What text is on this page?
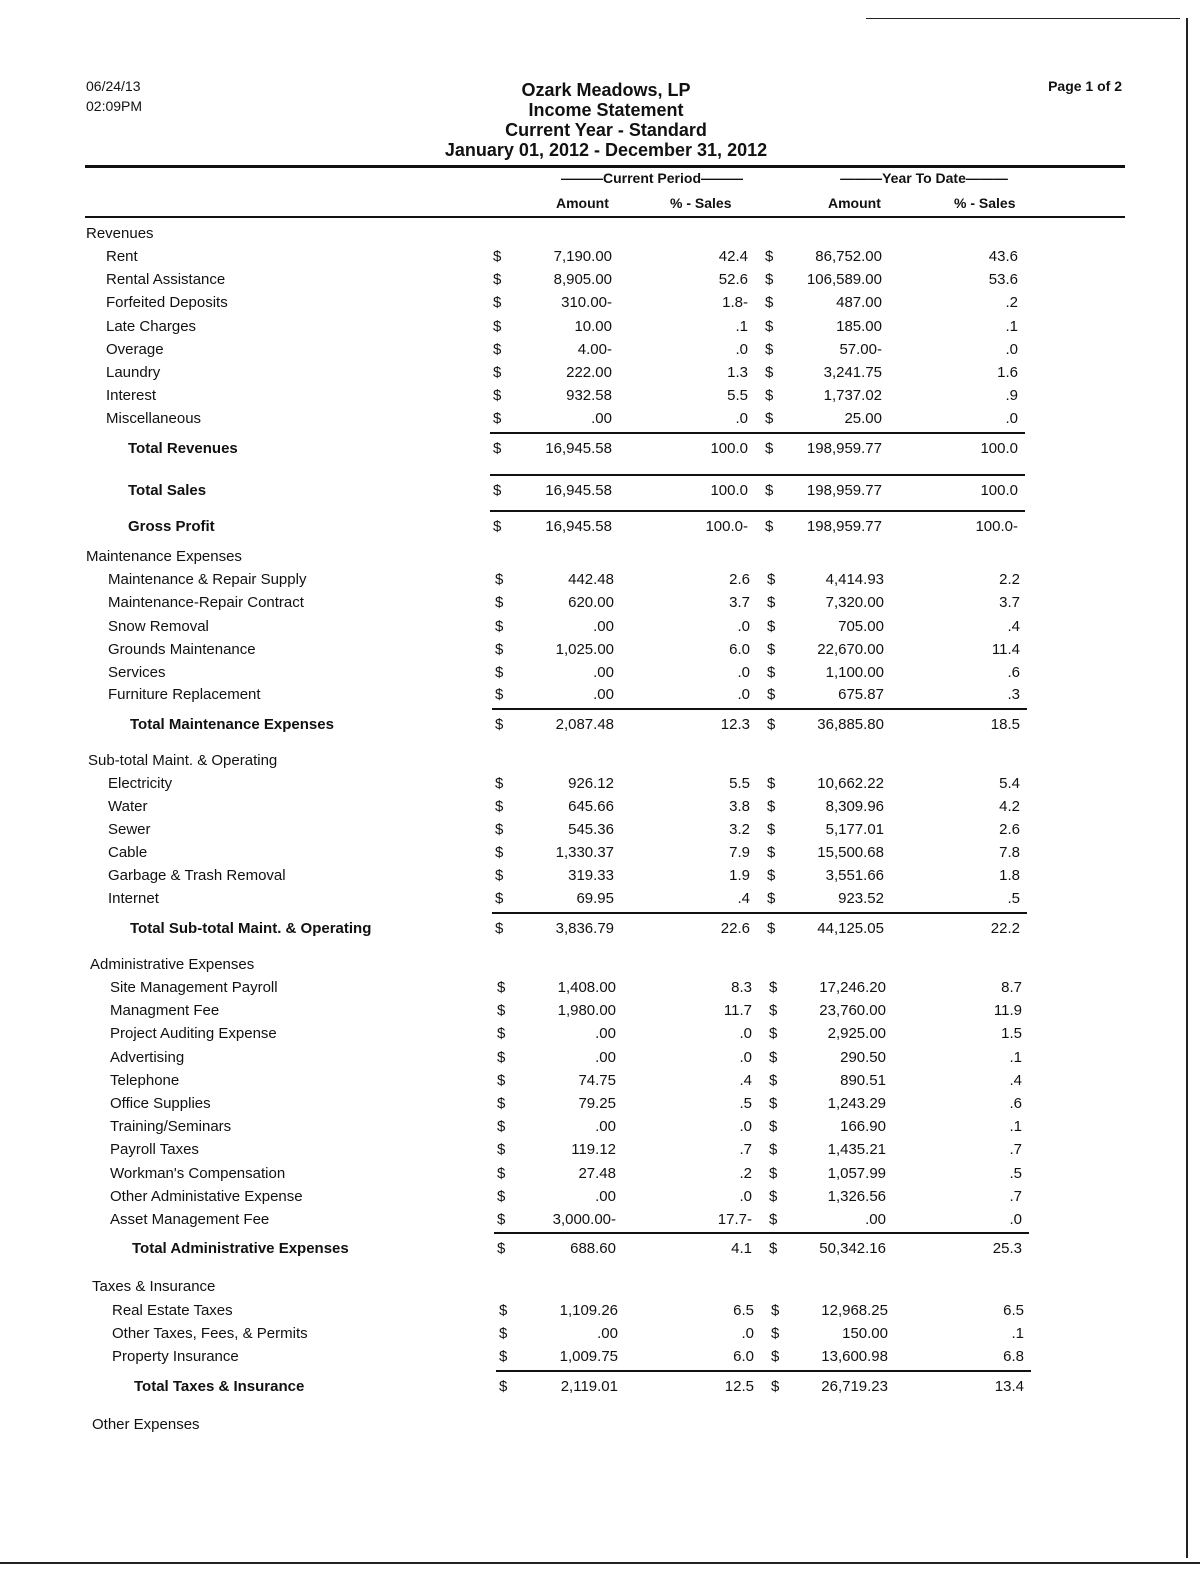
06/24/13
02:09PM
Ozark Meadows, LP
Income Statement
Current Year - Standard
January 01, 2012 - December 31, 2012
Page 1 of 2
———Current Period———	———Year To Date———
Amount	% - Sales	Amount	% - Sales
Revenues
Rent	$	7,190.00	42.4 $	86,752.00	43.6
Rental Assistance	$	8,905.00	52.6 $ 106,589.00	53.6
Forfeited Deposits	$	310.00-	1.8- $	487.00	.2
Late Charges	$	10.00	.1 $	185.00	.1
Overage	$	4.00-	.0 $	57.00-	.0
Laundry	$	222.00	1.3 $	3,241.75	1.6
Interest	$	932.58	5.5 $	1,737.02	.9
Miscellaneous	$	.00	.0 $	25.00	.0
Total Revenues	$	16,945.58	100.0 $ 198,959.77	100.0
Total Sales	$	16,945.58	100.0 $ 198,959.77	100.0
Gross Profit	$	16,945.58	100.0- $ 198,959.77	100.0-
Maintenance Expenses
Maintenance & Repair Supply	$	442.48	2.6 $	4,414.93	2.2
Maintenance-Repair Contract	$	620.00	3.7 $	7,320.00	3.7
Snow Removal	$	.00	.0 $	705.00	.4
Grounds Maintenance	$	1,025.00	6.0 $	22,670.00	11.4
Services	$	.00	.0 $	1,100.00	.6
Furniture Replacement	$	.00	.0 $	675.87	.3
Total Maintenance Expenses	$	2,087.48	12.3 $	36,885.80	18.5
Sub-total Maint. & Operating
Electricity	$	926.12	5.5 $	10,662.22	5.4
Water	$	645.66	3.8 $	8,309.96	4.2
Sewer	$	545.36	3.2 $	5,177.01	2.6
Cable	$	1,330.37	7.9 $	15,500.68	7.8
Garbage & Trash Removal	$	319.33	1.9 $	3,551.66	1.8
Internet	$	69.95	.4 $	923.52	.5
Total Sub-total Maint. & Operating	$	3,836.79	22.6 $	44,125.05	22.2
Administrative Expenses
Site Management Payroll	$	1,408.00	8.3 $	17,246.20	8.7
Managment Fee	$	1,980.00	11.7 $	23,760.00	11.9
Project Auditing Expense	$	.00	.0 $	2,925.00	1.5
Advertising	$	.00	.0 $	290.50	.1
Telephone	$	74.75	.4 $	890.51	.4
Office Supplies	$	79.25	.5 $	1,243.29	.6
Training/Seminars	$	.00	.0 $	166.90	.1
Payroll Taxes	$	119.12	.7 $	1,435.21	.7
Workman's Compensation	$	27.48	.2 $	1,057.99	.5
Other Administative Expense	$	.00	.0 $	1,326.56	.7
Asset Management Fee	$	3,000.00-	17.7- $	.00	.0
Total Administrative Expenses	$	688.60	4.1 $	50,342.16	25.3
Taxes & Insurance
Real Estate Taxes	$	1,109.26	6.5 $	12,968.25	6.5
Other Taxes, Fees, & Permits	$	.00	.0 $	150.00	.1
Property Insurance	$	1,009.75	6.0 $	13,600.98	6.8
Total Taxes & Insurance	$	2,119.01	12.5 $	26,719.23	13.4
Other Expenses
